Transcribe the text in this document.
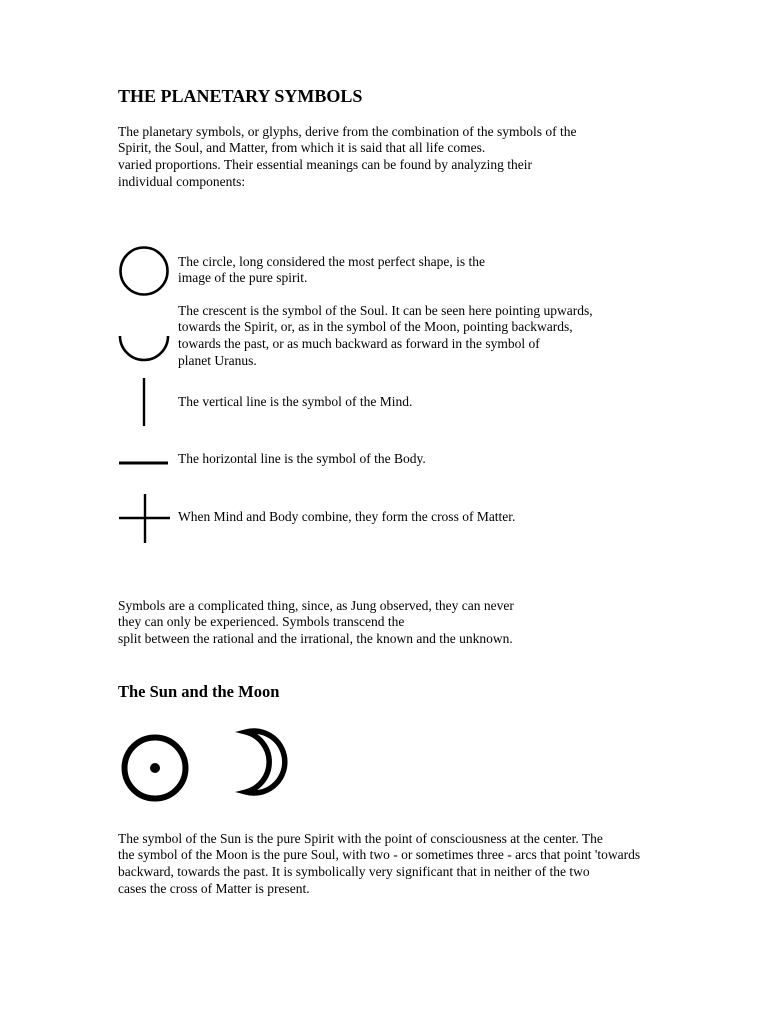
THE PLANETARY SYMBOLS
The planetary symbols, or glyphs, derive from the combination of the symbols of the
Spirit, the Soul, and Matter, from which it is said that all life comes.
varied proportions. Their essential meanings can be found by analyzing their
individual components:
The circle, long considered the most perfect shape, is the
image of the pure spirit.
The crescent is the symbol of the Soul. It can be seen here pointing upwards,
towards the Spirit, or, as in the symbol of the Moon, pointing backwards,
towards the past, or as much backward as forward in the symbol of
planet Uranus.
The vertical line is the symbol of the Mind.
The horizontal line is the symbol of the Body.
When Mind and Body combine, they form the cross of Matter.
Symbols are a complicated thing, since, as Jung observed, they can never
they can only be experienced. Symbols transcend the
split between the rational and the irrational, the known and the unknown.
The Sun and the Moon
The symbol of the Sun is the pure Spirit with the point of consciousness at the center. The
the symbol of the Moon is the pure Soul, with two - or sometimes three - arcs that point 'towards
backward, towards the past. It is symbolically very significant that in neither of the two
cases the cross of Matter is present.
